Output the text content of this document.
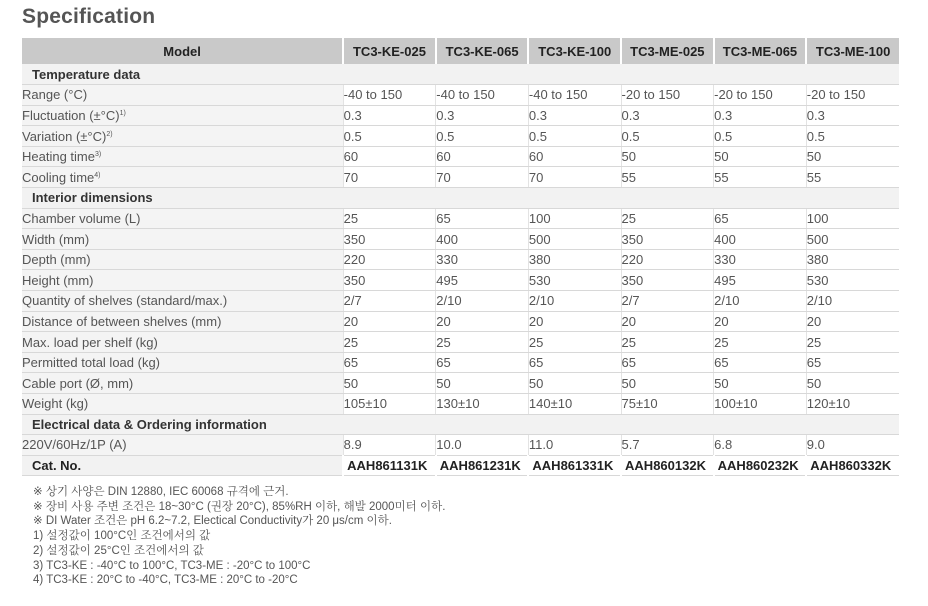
Specification
Model	TC3-KE-025	TC3-KE-065	TC3-KE-100	TC3-ME-025	TC3-ME-065	TC3-ME-100
Temperature data						
Range (°C)	-40 to 150	-40 to 150	-40 to 150	-20 to 150	-20 to 150	-20 to 150
Fluctuation $(\pm^\circ C)^{1)}$	0.3	0.3	0.3	0.3	0.3	0.3
Variation $(\pm^\circ C)^{2)}$	0.5	0.5	0.5	0.5	0.5	0.5
Heating time$^{3)}$	60	60	60	50	50	50
Cooling time$^{4)}$	70	70	70	55	55	55
Interior dimensions						
Chamber volume (L)	25	65	100	25	65	100
Width (mm)	350	400	500	350	400	500
Depth (mm)	220	330	380	220	330	380
Height (mm)	350	495	530	350	495	530
Quantity of shelves (standard/max.)	2/7	2/10	2/10	2/7	2/10	2/10
Distance of between shelves (mm)	20	20	20	20	20	20
Max. load per shelf (kg)	25	25	25	25	25	25
Permitted total load (kg)	65	65	65	65	65	65
Cable port (Ø, mm)	50	50	50	50	50	50
Weight (kg)	105±10	130±10	140±10	75±10	100±10	120±10
Electrical data & Ordering information						
220V/60Hz/1P (A)	8.9	10.0	11.0	5.7	6.8	9.0
Cat. No.	AAH861131K	AAH861231K	AAH861331K	AAH860132K	AAH860232K	AAH860332K
※ 상기 사양은 DIN 12880, IEC 60068 규격에 근거.
※ 장비 사용 주변 조건은 18~30°C (권장 20°C), 85%RH 이하, 해발 2000미터 이하.
※ DI Water 조건은 pH 6.2~7.2, Electical Conductivity가 20 μs/cm 이하.
1) 설정값이 100°C인 조건에서의 값
2) 설정값이 25°C인 조건에서의 값
3) TC3-KE : -40°C to 100°C, TC3-ME : -20°C to 100°C
4) TC3-KE : 20°C to -40°C, TC3-ME : 20°C to -20°C
